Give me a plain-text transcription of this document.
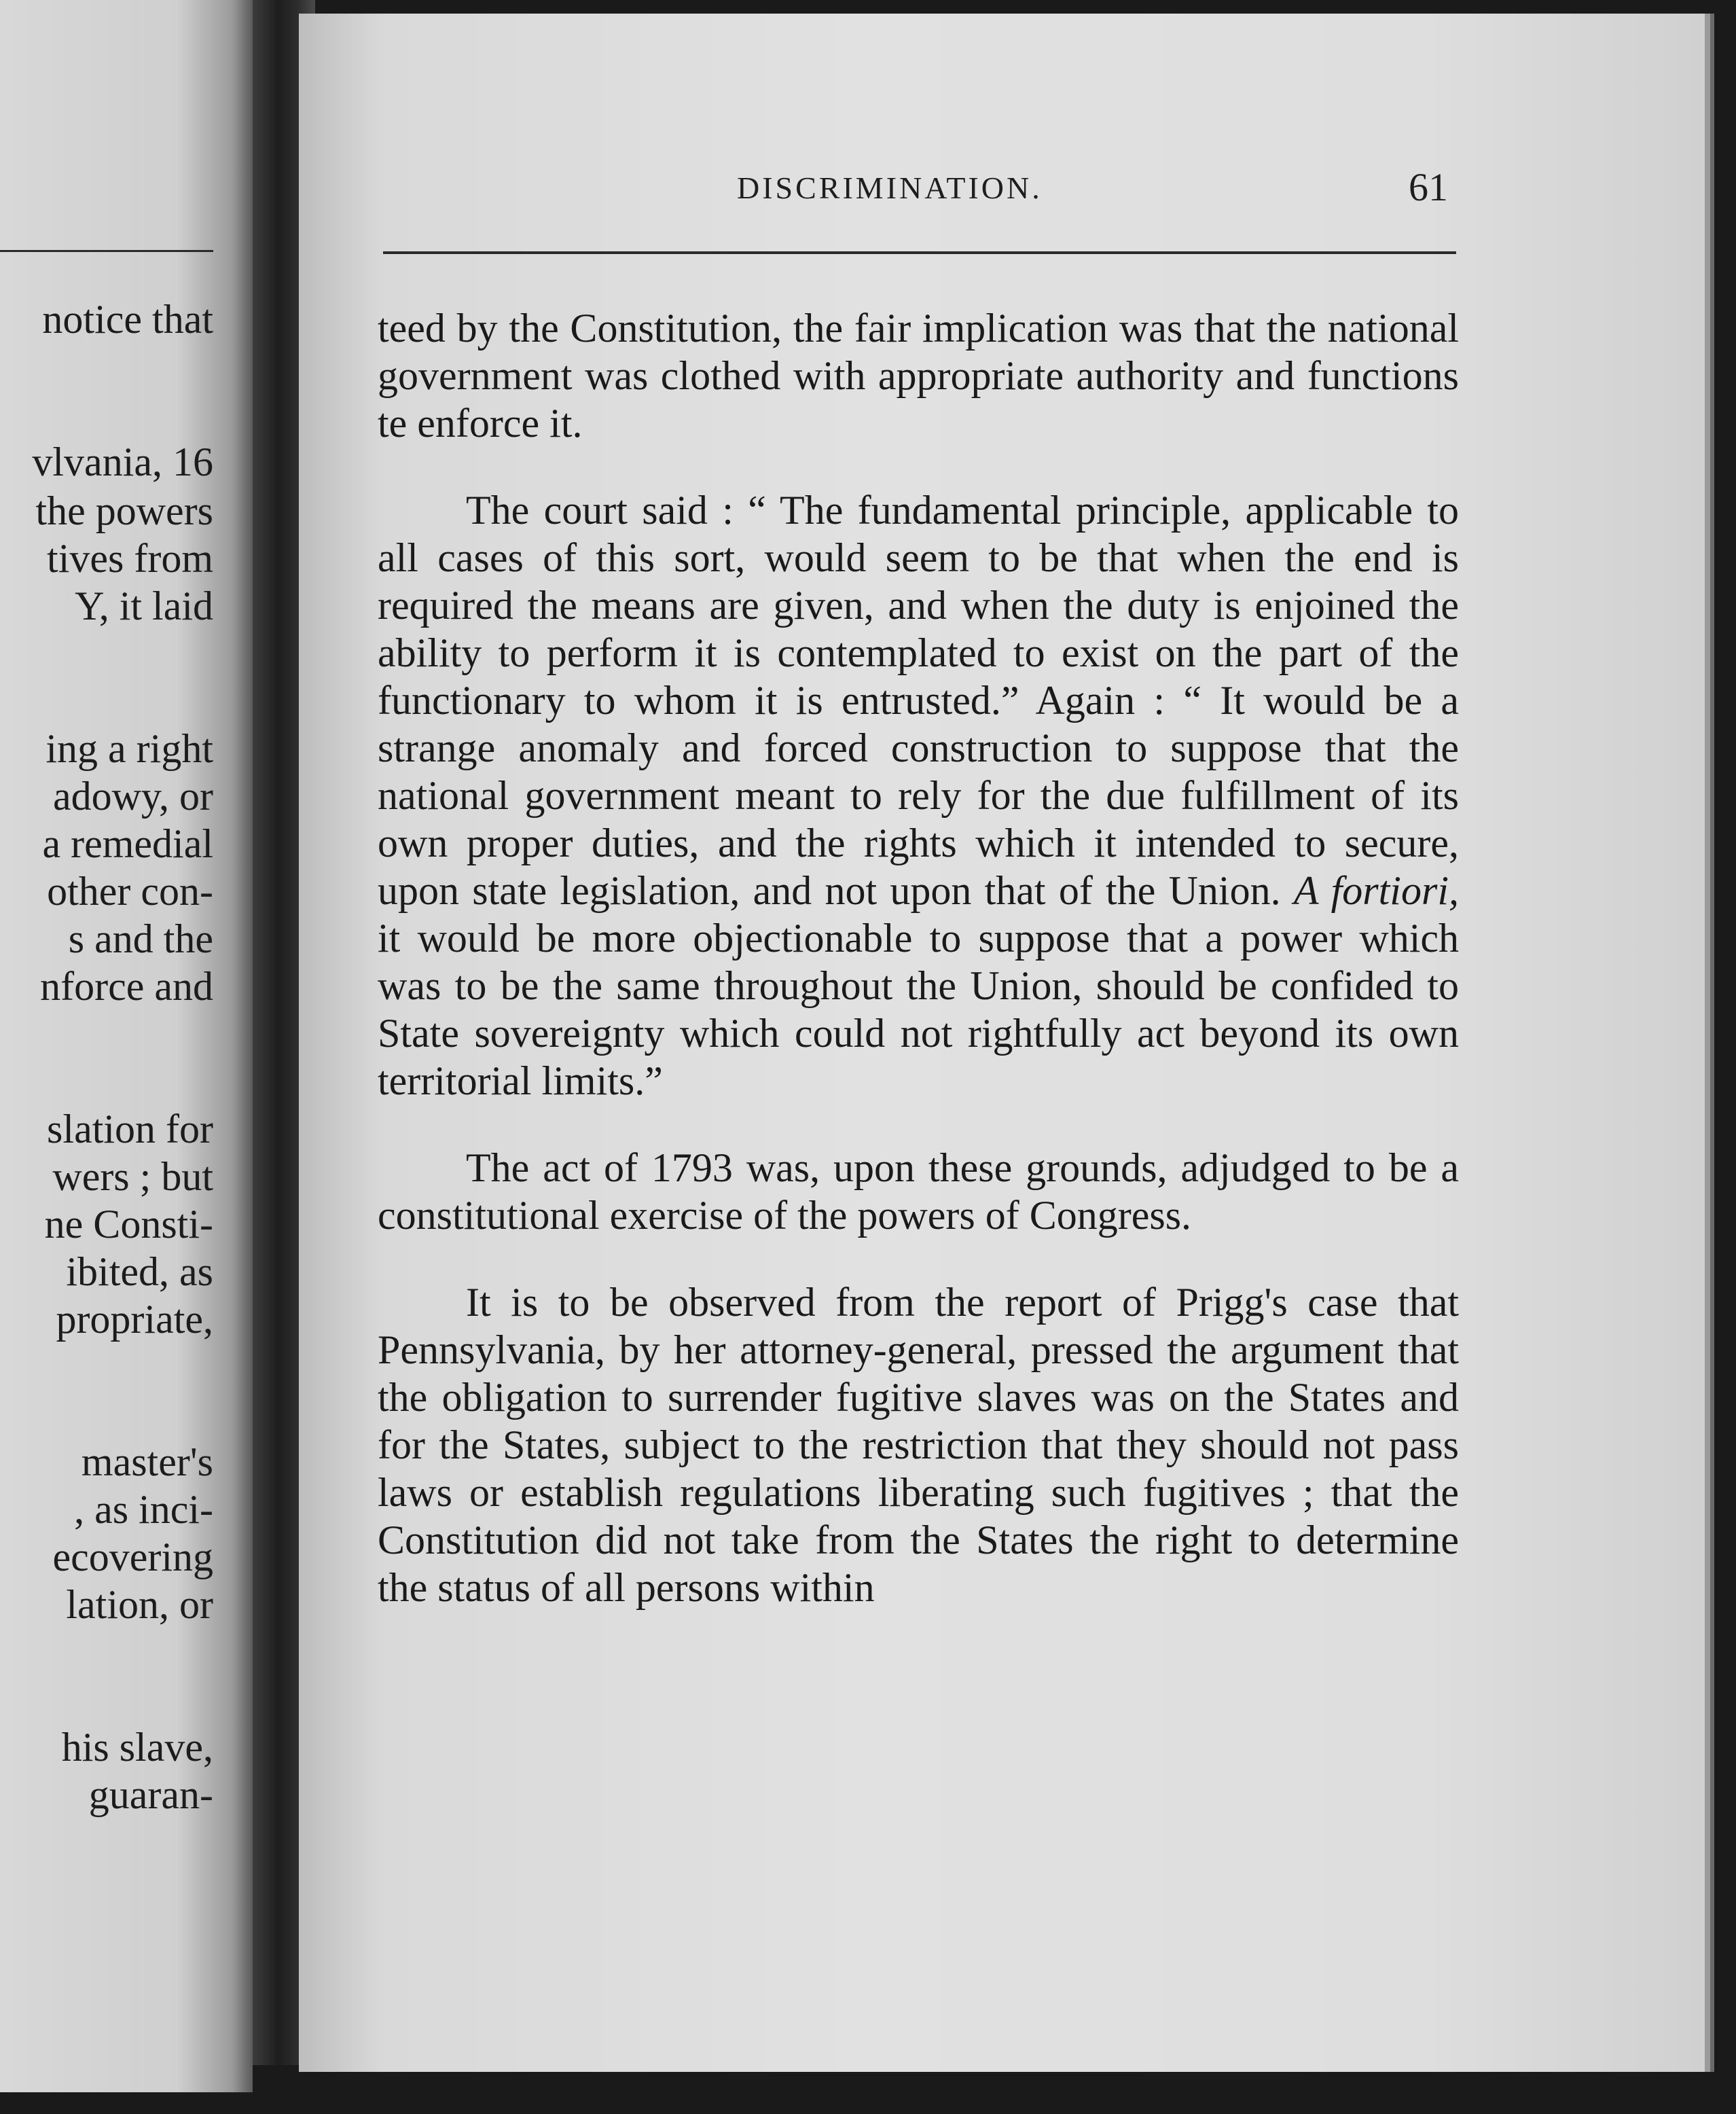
notice that
vlvania, 16
the powers
tives from
Y, it laid
ing a right
adowy, or
a remedial
other con-
s and the
nforce and
slation for
wers ; but
ne Consti-
ibited, as
propriate,
master's
, as inci-
ecovering
lation, or
his slave,
guaran-
DISCRIMINATION.	61

teed by the Constitution, the fair implication was that the national government was clothed with appropriate authority and functions te enforce it.

The court said : “ The fundamental principle, applicable to all cases of this sort, would seem to be that when the end is required the means are given, and when the duty is enjoined the ability to perform it is contemplated to exist on the part of the functionary to whom it is entrusted.” Again : “ It would be a strange anomaly and forced construction to suppose that the national government meant to rely for the due fulfillment of its own proper duties, and the rights which it intended to secure, upon state legislation, and not upon that of the Union. A fortiori, it would be more objectionable to suppose that a power which was to be the same throughout the Union, should be confided to State sovereignty which could not rightfully act beyond its own territorial limits.”

The act of 1793 was, upon these grounds, adjudged to be a constitutional exercise of the powers of Congress.

It is to be observed from the report of Prigg's case that Pennsylvania, by her attorney-general, pressed the argument that the obligation to surrender fugitive slaves was on the States and for the States, subject to the restriction that they should not pass laws or establish regulations liberating such fugitives ; that the Constitution did not take from the States the right to determine the status of all persons within
